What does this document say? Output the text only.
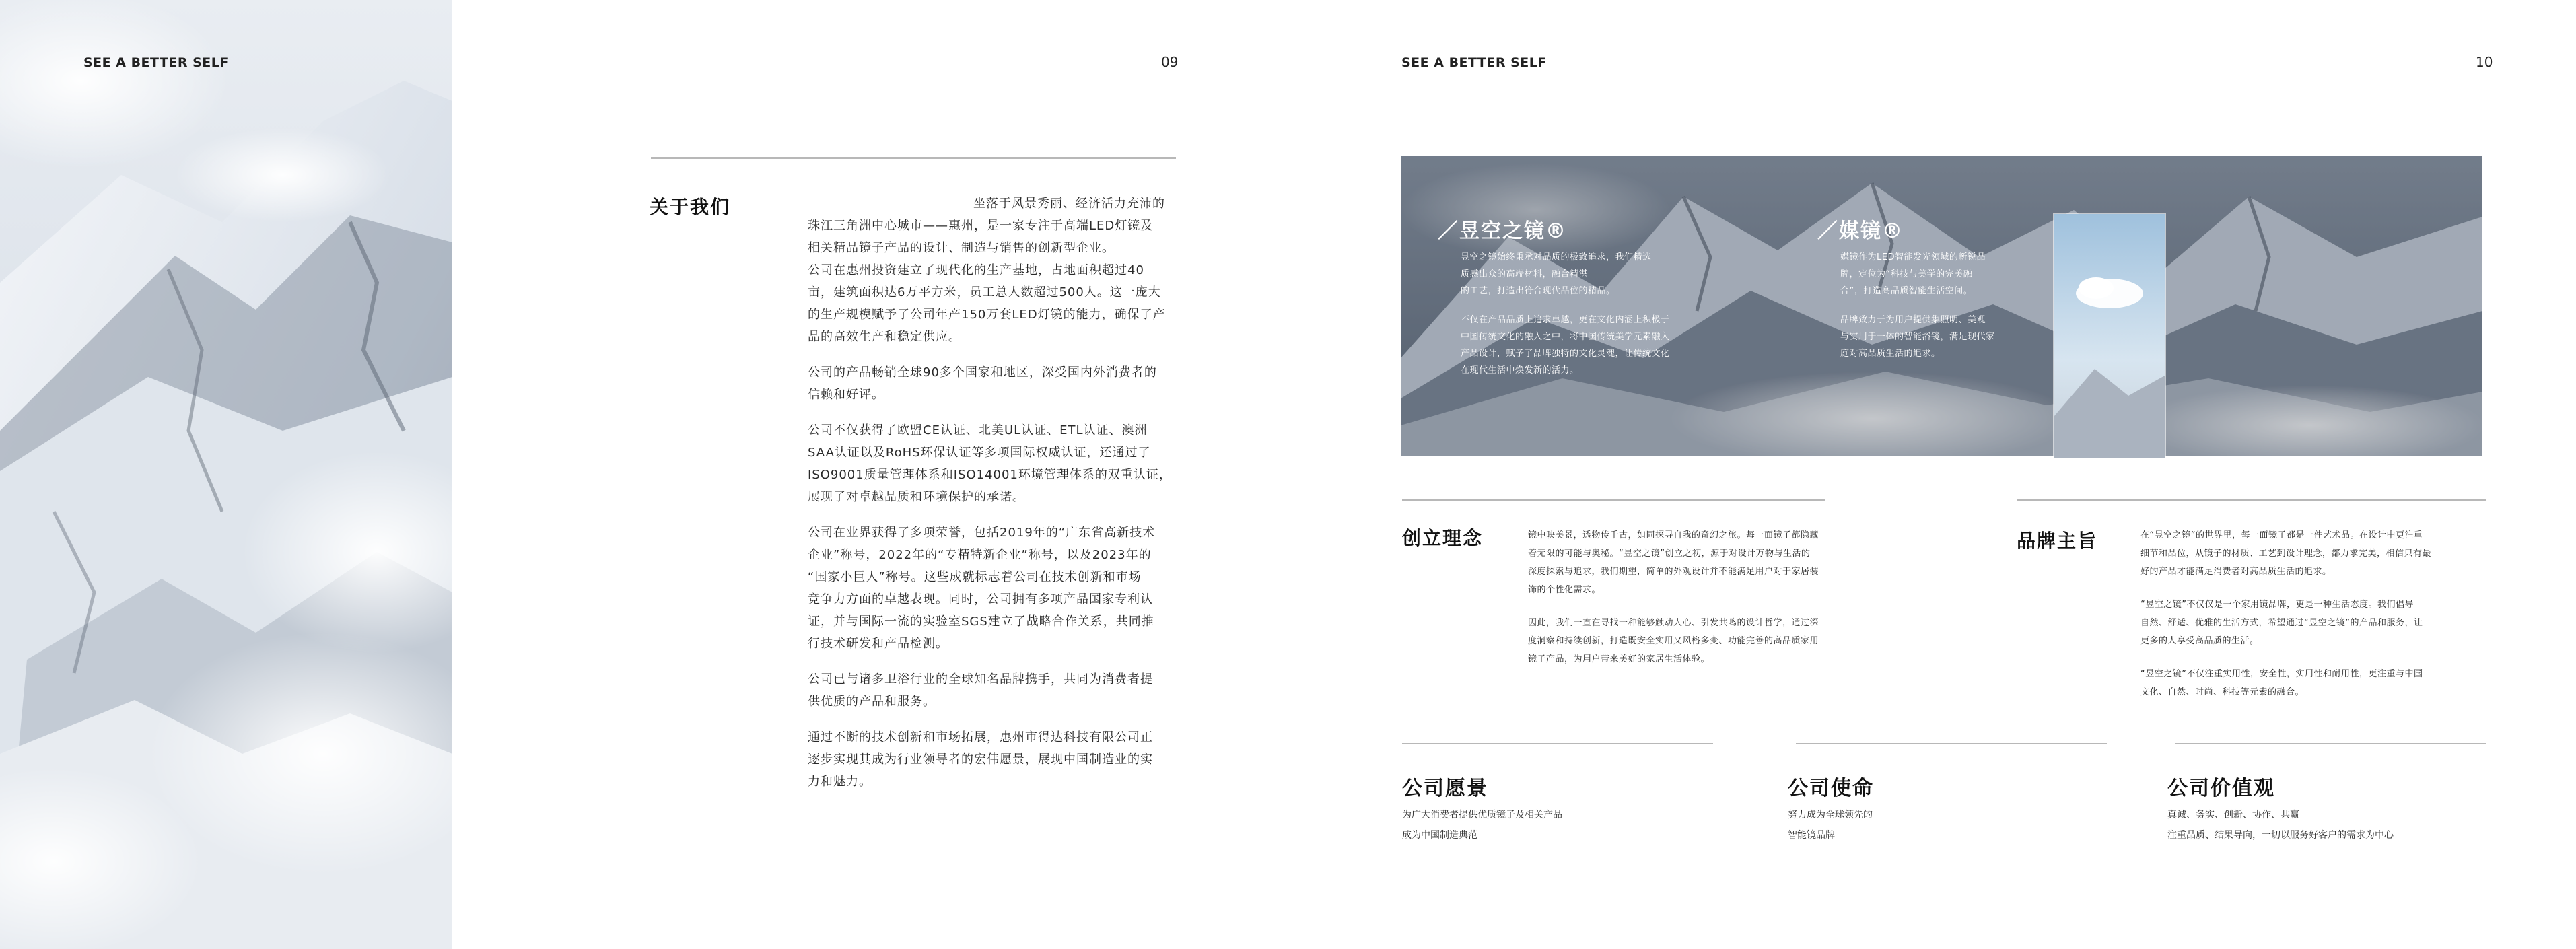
SEE A BETTER SELF	09
关于我们	坐落于风景秀丽、经济活力充沛的
珠江三角洲中心城市——惠州，是一家专注于高端LED灯镜及
相关精品镜子产品的设计、制造与销售的创新型企业。
公司在惠州投资建立了现代化的生产基地，占地面积超过40
亩，建筑面积达6万平方米，员工总人数超过500人。这一庞大
的生产规模赋予了公司年产150万套LED灯镜的能力，确保了产
品的高效生产和稳定供应。
公司的产品畅销全球90多个国家和地区，深受国内外消费者的
信赖和好评。
公司不仅获得了欧盟CE认证、北美UL认证、ETL认证、澳洲
SAA认证以及RoHS环保认证等多项国际权威认证，还通过了
ISO9001质量管理体系和ISO14001环境管理体系的双重认证，
展现了对卓越品质和环境保护的承诺。
公司在业界获得了多项荣誉，包括2019年的“广东省高新技术
企业”称号，2022年的“专精特新企业”称号，以及2023年的
“国家小巨人”称号。这些成就标志着公司在技术创新和市场
竞争力方面的卓越表现。同时，公司拥有多项产品国家专利认
证，并与国际一流的实验室SGS建立了战略合作关系，共同推
行技术研发和产品检测。
公司已与诸多卫浴行业的全球知名品牌携手，共同为消费者提
供优质的产品和服务。
通过不断的技术创新和市场拓展，惠州市得达科技有限公司正
逐步实现其成为行业领导者的宏伟愿景，展现中国制造业的实
力和魅力。
SEE A BETTER SELF	10
／昱空之镜®
昱空之镜始终秉承对品质的极致追求，我们精选
质感出众的高端材料，融合精湛
的工艺，打造出符合现代品位的精品。
不仅在产品品质上追求卓越，更在文化内涵上积极于
中国传统文化的融入之中，将中国传统美学元素融入
产品设计，赋予了品牌独特的文化灵魂，让传统文化
在现代生活中焕发新的活力。
／媒镜®
媒镜作为LED智能发光领域的新锐品
牌，定位为“科技与美学的完美融
合”，打造高品质智能生活空间。
品牌致力于为用户提供集照明、美观
与实用于一体的智能浴镜，满足现代家
庭对高品质生活的追求。
创立理念	镜中映美景，透物传千古，如同探寻自我的奇幻之旅。每一面镜子都隐藏
着无限的可能与奥秘。“昱空之镜”创立之初，源于对设计万物与生活的
深度探索与追求，我们期望，简单的外观设计并不能满足用户对于家居装
饰的个性化需求。
因此，我们一直在寻找一种能够触动人心、引发共鸣的设计哲学，通过深
度洞察和持续创新，打造既安全实用又风格多变、功能完善的高品质家用
镜子产品，为用户带来美好的家居生活体验。
品牌主旨	在“昱空之镜”的世界里，每一面镜子都是一件艺术品。在设计中更注重
细节和品位，从镜子的材质、工艺到设计理念，都力求完美，相信只有最
好的产品才能满足消费者对高品质生活的追求。
“昱空之镜”不仅仅是一个家用镜品牌，更是一种生活态度。我们倡导
自然、舒适、优雅的生活方式，希望通过“昱空之镜”的产品和服务，让
更多的人享受高品质的生活。
“昱空之镜”不仅注重实用性，安全性，实用性和耐用性，更注重与中国
文化、自然、时尚、科技等元素的融合。
公司愿景
为广大消费者提供优质镜子及相关产品
成为中国制造典范
公司使命
努力成为全球领先的
智能镜品牌
公司价值观
真诚、务实、创新、协作、共赢
注重品质、结果导向，一切以服务好客户的需求为中心
